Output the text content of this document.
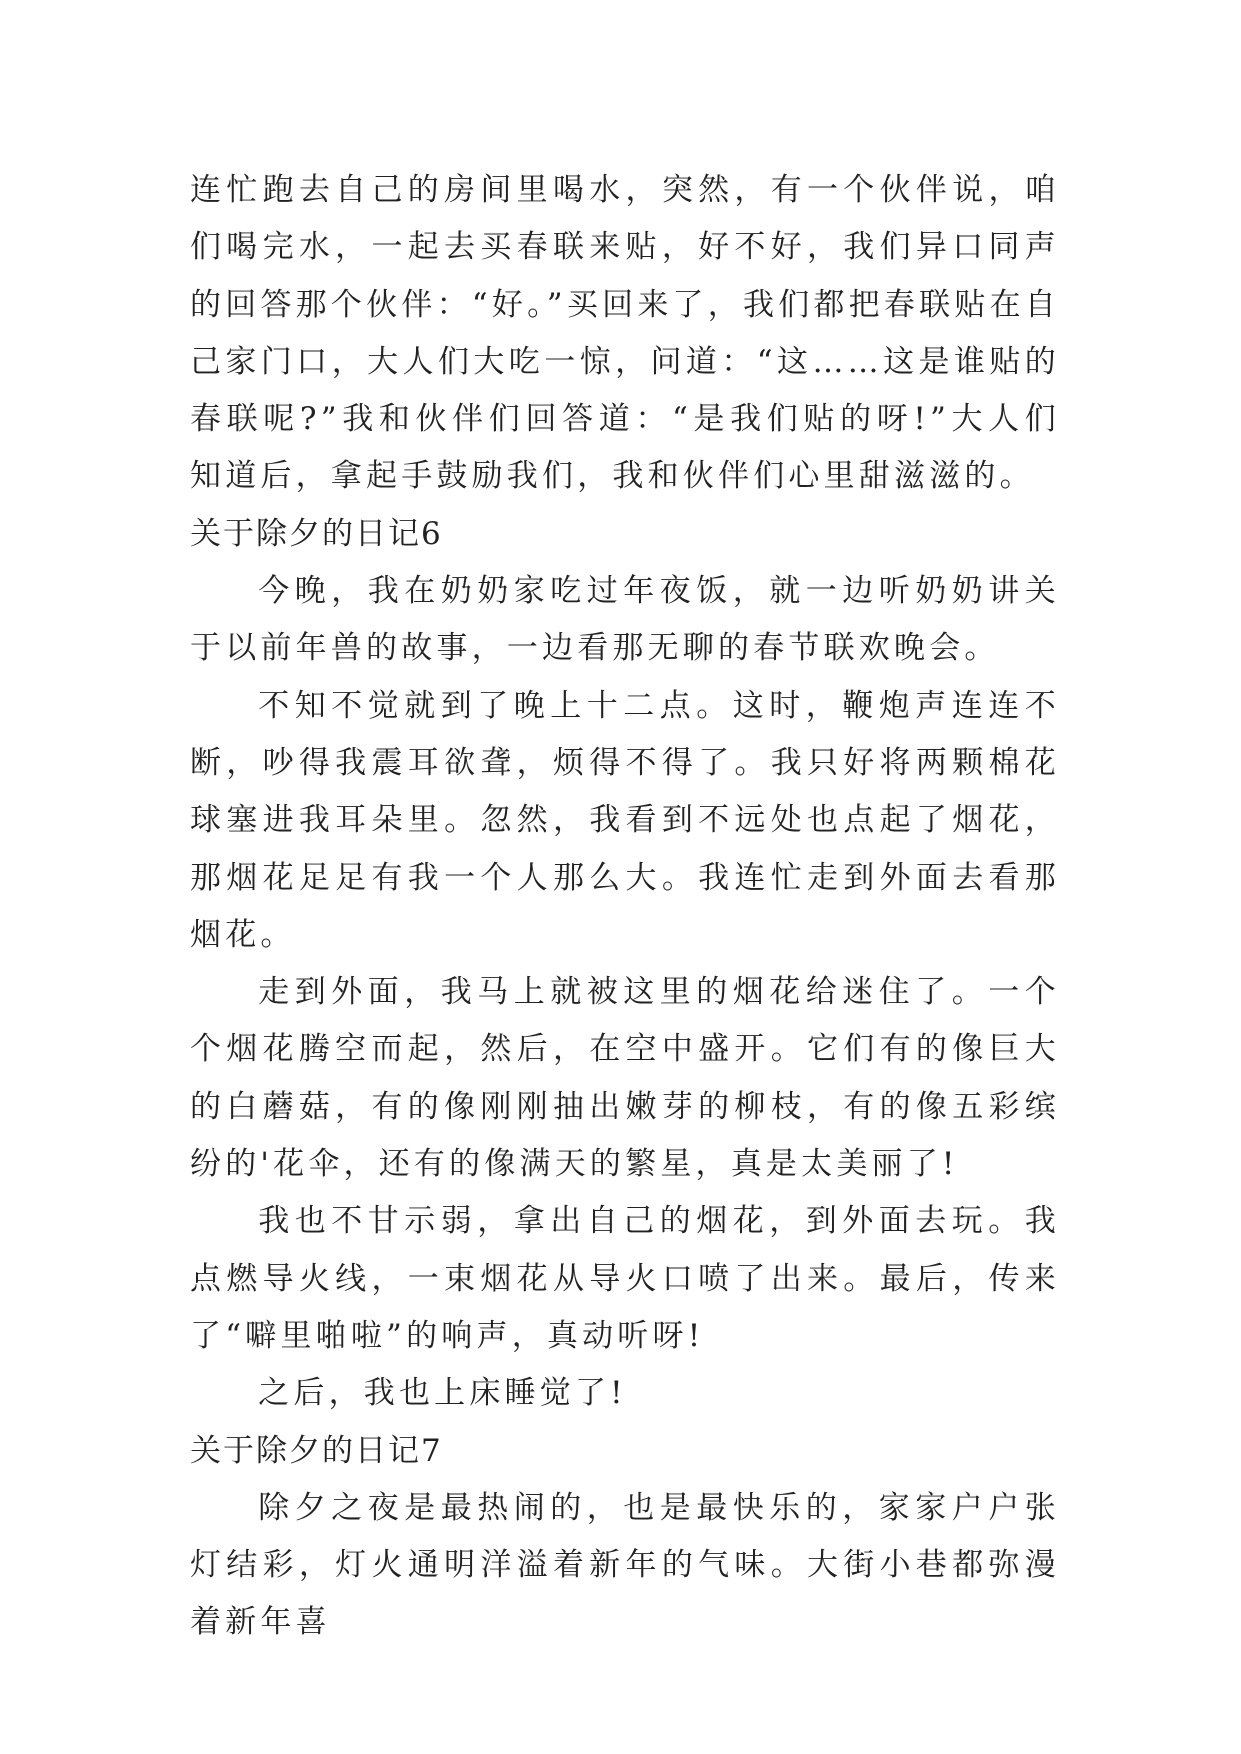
连忙跑去自己的房间里喝水，突然，有一个伙伴说，咱们喝完水，一起去买春联来贴，好不好，我们异口同声的回答那个伙伴：“好。”买回来了，我们都把春联贴在自己家门口，大人们大吃一惊，问道：“这……这是谁贴的春联呢?”我和伙伴们回答道：“是我们贴的呀!”大人们知道后，拿起手鼓励我们，我和伙伴们心里甜滋滋的。

关于除夕的日记6

今晚，我在奶奶家吃过年夜饭，就一边听奶奶讲关于以前年兽的故事，一边看那无聊的春节联欢晚会。

不知不觉就到了晚上十二点。这时，鞭炮声连连不断，吵得我震耳欲聋，烦得不得了。我只好将两颗棉花球塞进我耳朵里。忽然，我看到不远处也点起了烟花，那烟花足足有我一个人那么大。我连忙走到外面去看那烟花。

走到外面，我马上就被这里的烟花给迷住了。一个个烟花腾空而起，然后，在空中盛开。它们有的像巨大的白蘑菇，有的像刚刚抽出嫩芽的柳枝，有的像五彩缤纷的'花伞，还有的像满天的繁星，真是太美丽了!

我也不甘示弱，拿出自己的烟花，到外面去玩。我点燃导火线，一束烟花从导火口喷了出来。最后，传来了“噼里啪啦”的响声，真动听呀!

之后，我也上床睡觉了!

关于除夕的日记7

除夕之夜是最热闹的，也是最快乐的，家家户户张灯结彩，灯火通明洋溢着新年的气味。大街小巷都弥漫着新年喜
